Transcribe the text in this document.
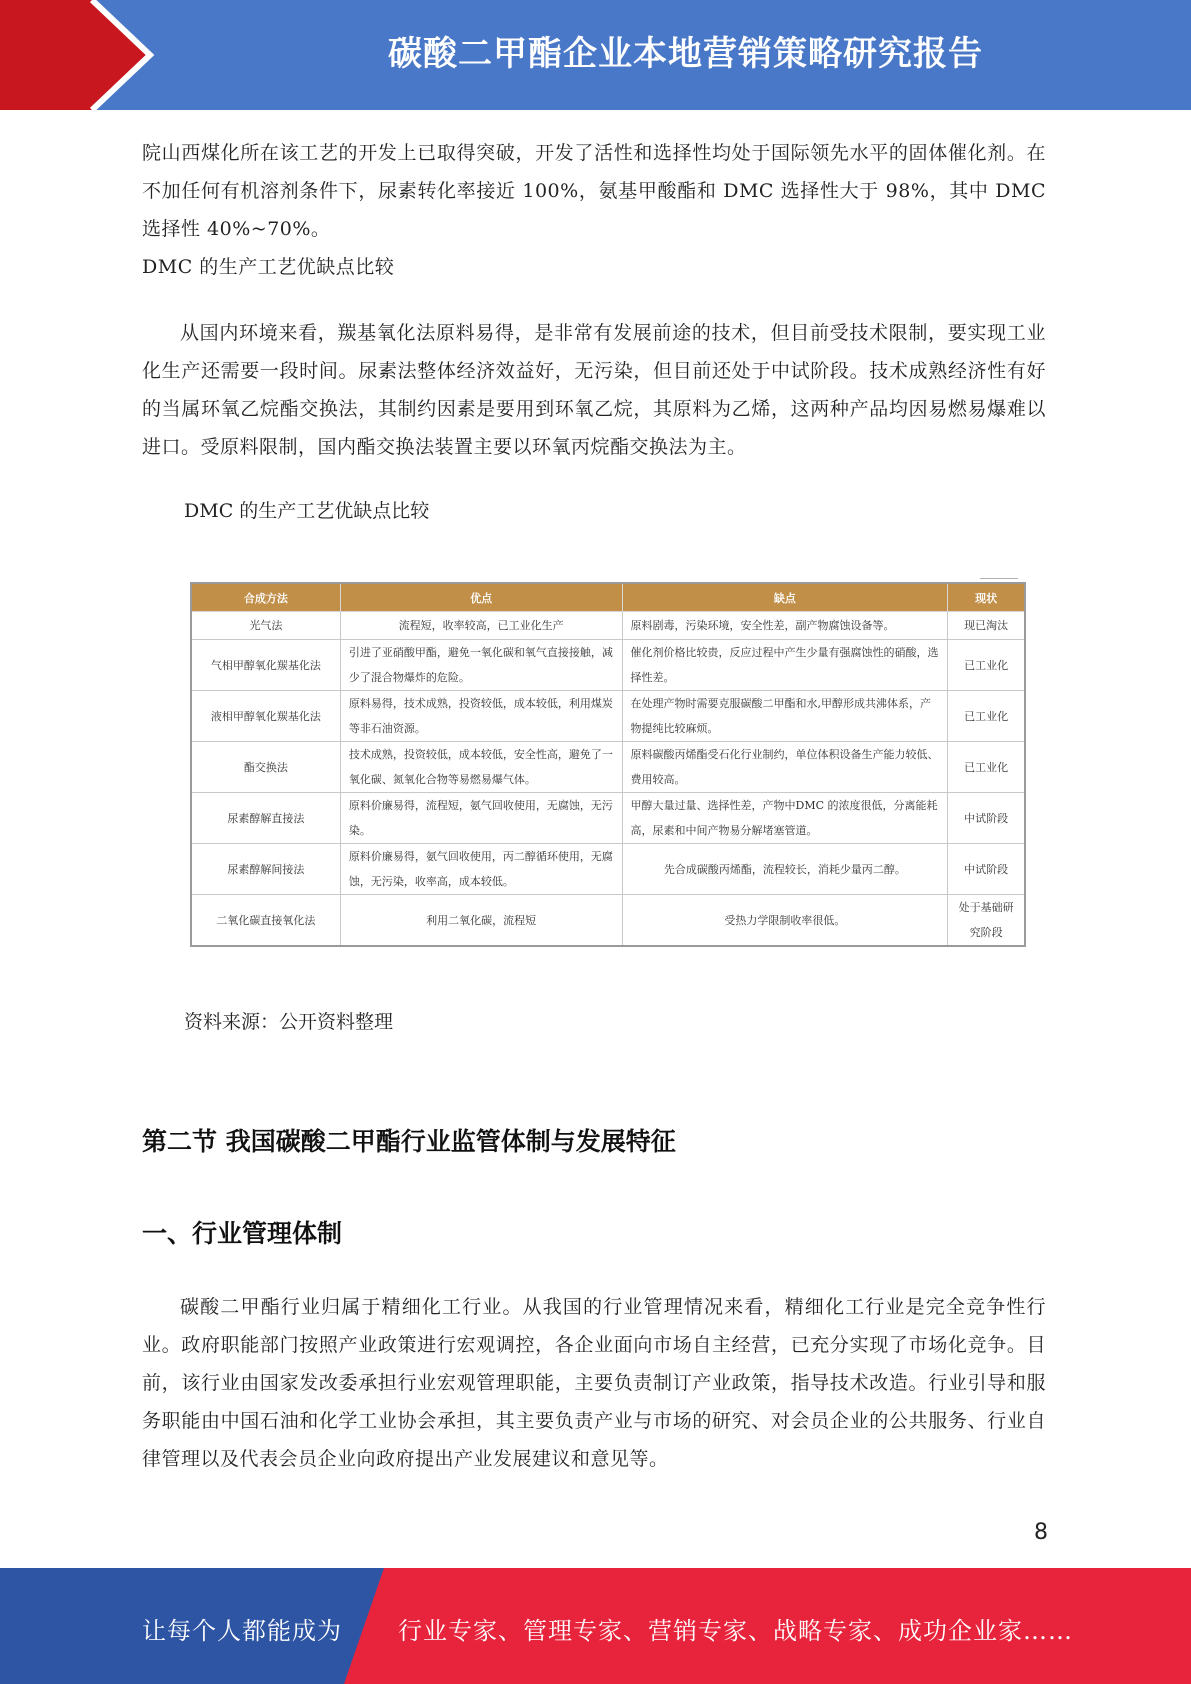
碳酸二甲酯企业本地营销策略研究报告

院山西煤化所在该工艺的开发上已取得突破，开发了活性和选择性均处于国际领先水平的固体催化剂。在不加任何有机溶剂条件下，尿素转化率接近 100%，氨基甲酸酯和 DMC 选择性大于 98%，其中 DMC 选择性 40%~70%。

DMC 的生产工艺优缺点比较

从国内环境来看，羰基氧化法原料易得，是非常有发展前途的技术，但目前受技术限制，要实现工业化生产还需要一段时间。尿素法整体经济效益好，无污染，但目前还处于中试阶段。技术成熟经济性有好的当属环氧乙烷酯交换法，其制约因素是要用到环氧乙烷，其原料为乙烯，这两种产品均因易燃易爆难以进口。受原料限制，国内酯交换法装置主要以环氧丙烷酯交换法为主。

DMC 的生产工艺优缺点比较

合成方法	优点	缺点	现状
光气法	流程短，收率较高，已工业化生产	原料剧毒，污染环境，安全性差，副产物腐蚀设备等。	现已淘汰
气相甲醇氧化羰基化法	引进了亚硝酸甲酯，避免一氧化碳和氧气直接接触，减少了混合物爆炸的危险。	催化剂价格比较贵，反应过程中产生少量有强腐蚀性的硝酸，选择性差。	已工业化
液相甲醇氧化羰基化法	原料易得，技术成熟，投资较低，成本较低，利用煤炭等非石油资源。	在处理产物时需要克服碳酸二甲酯和水,甲醇形成共沸体系，产物提纯比较麻烦。	已工业化
酯交换法	技术成熟，投资较低，成本较低，安全性高，避免了一氧化碳、氮氧化合物等易燃易爆气体。	原料碳酸丙烯酯受石化行业制约，单位体积设备生产能力较低、费用较高。	已工业化
尿素醇解直接法	原料价廉易得，流程短，氨气回收使用，无腐蚀，无污染。	甲醇大量过量、选择性差，产物中DMC 的浓度很低，分离能耗高，尿素和中间产物易分解堵塞管道。	中试阶段
尿素醇解间接法	原料价廉易得，氨气回收使用，丙二醇循环使用，无腐蚀，无污染，收率高，成本较低。	先合成碳酸丙烯酯，流程较长，消耗少量丙二醇。	中试阶段
二氧化碳直接氧化法	利用二氧化碳，流程短	受热力学限制收率很低。	处于基础研究阶段

资料来源：公开资料整理

第二节 我国碳酸二甲酯行业监管体制与发展特征
一、行业管理体制

碳酸二甲酯行业归属于精细化工行业。从我国的行业管理情况来看，精细化工行业是完全竞争性行业。政府职能部门按照产业政策进行宏观调控，各企业面向市场自主经营，已充分实现了市场化竞争。目前，该行业由国家发改委承担行业宏观管理职能，主要负责制订产业政策，指导技术改造。行业引导和服务职能由中国石油和化学工业协会承担，其主要负责产业与市场的研究、对会员企业的公共服务、行业自律管理以及代表会员企业向政府提出产业发展建议和意见等。

8
让每个人都能成为 行业专家、管理专家、营销专家、战略专家、成功企业家……
